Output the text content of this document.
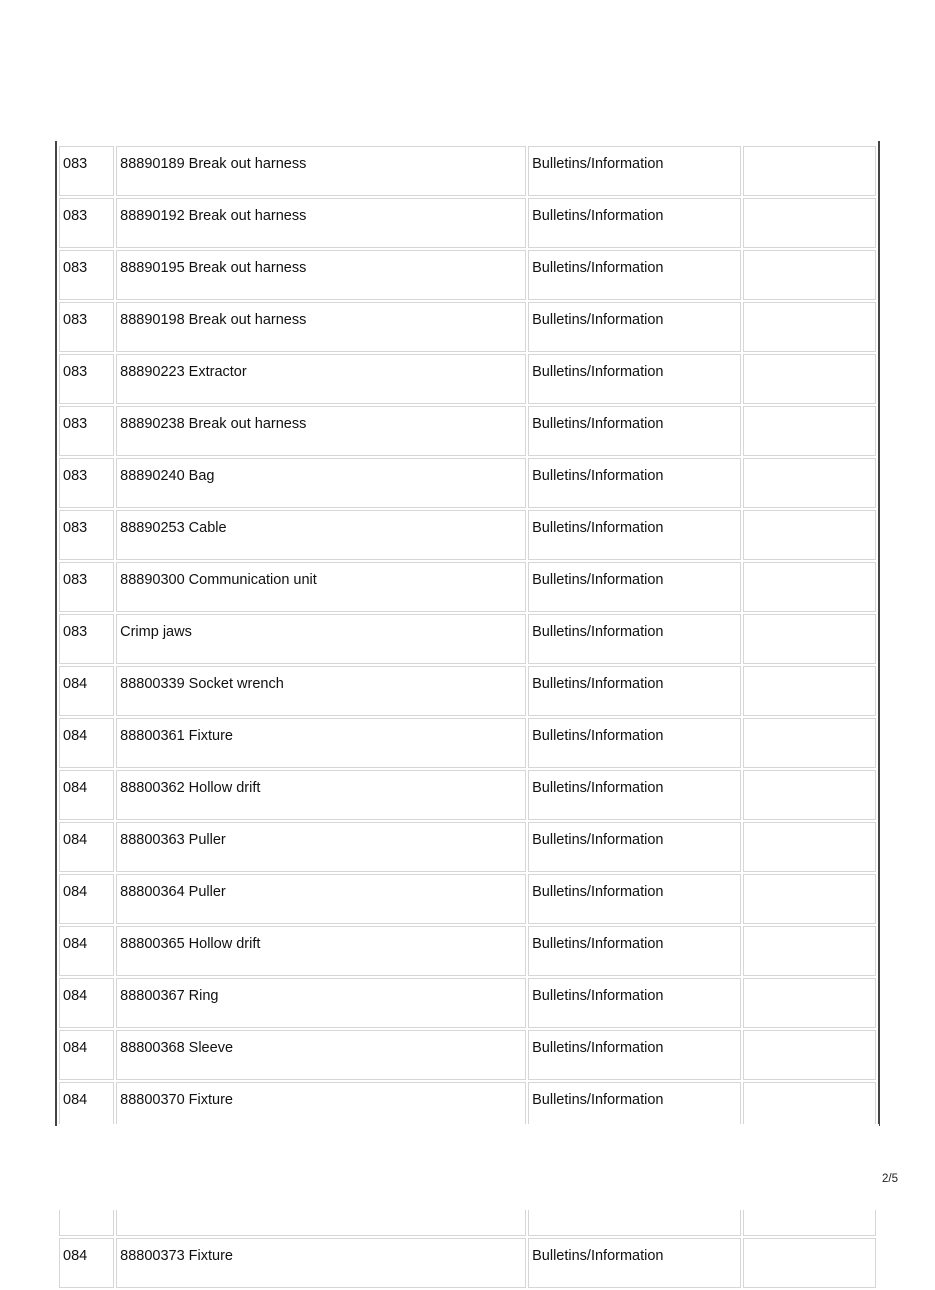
083	88890189 Break out harness	Bulletins/Information	
083	88890192 Break out harness	Bulletins/Information	
083	88890195 Break out harness	Bulletins/Information	
083	88890198 Break out harness	Bulletins/Information	
083	88890223 Extractor	Bulletins/Information	
083	88890238 Break out harness	Bulletins/Information	
083	88890240 Bag	Bulletins/Information	
083	88890253 Cable	Bulletins/Information	
083	88890300 Communication unit	Bulletins/Information	
083	Crimp jaws	Bulletins/Information	
084	88800339 Socket wrench	Bulletins/Information	
084	88800361 Fixture	Bulletins/Information	
084	88800362 Hollow drift	Bulletins/Information	
084	88800363 Puller	Bulletins/Information	
084	88800364 Puller	Bulletins/Information	
084	88800365 Hollow drift	Bulletins/Information	
084	88800367 Ring	Bulletins/Information	
084	88800368 Sleeve	Bulletins/Information	
084	88800370 Fixture	Bulletins/Information	

084	88800373 Fixture	Bulletins/Information	
2/5
